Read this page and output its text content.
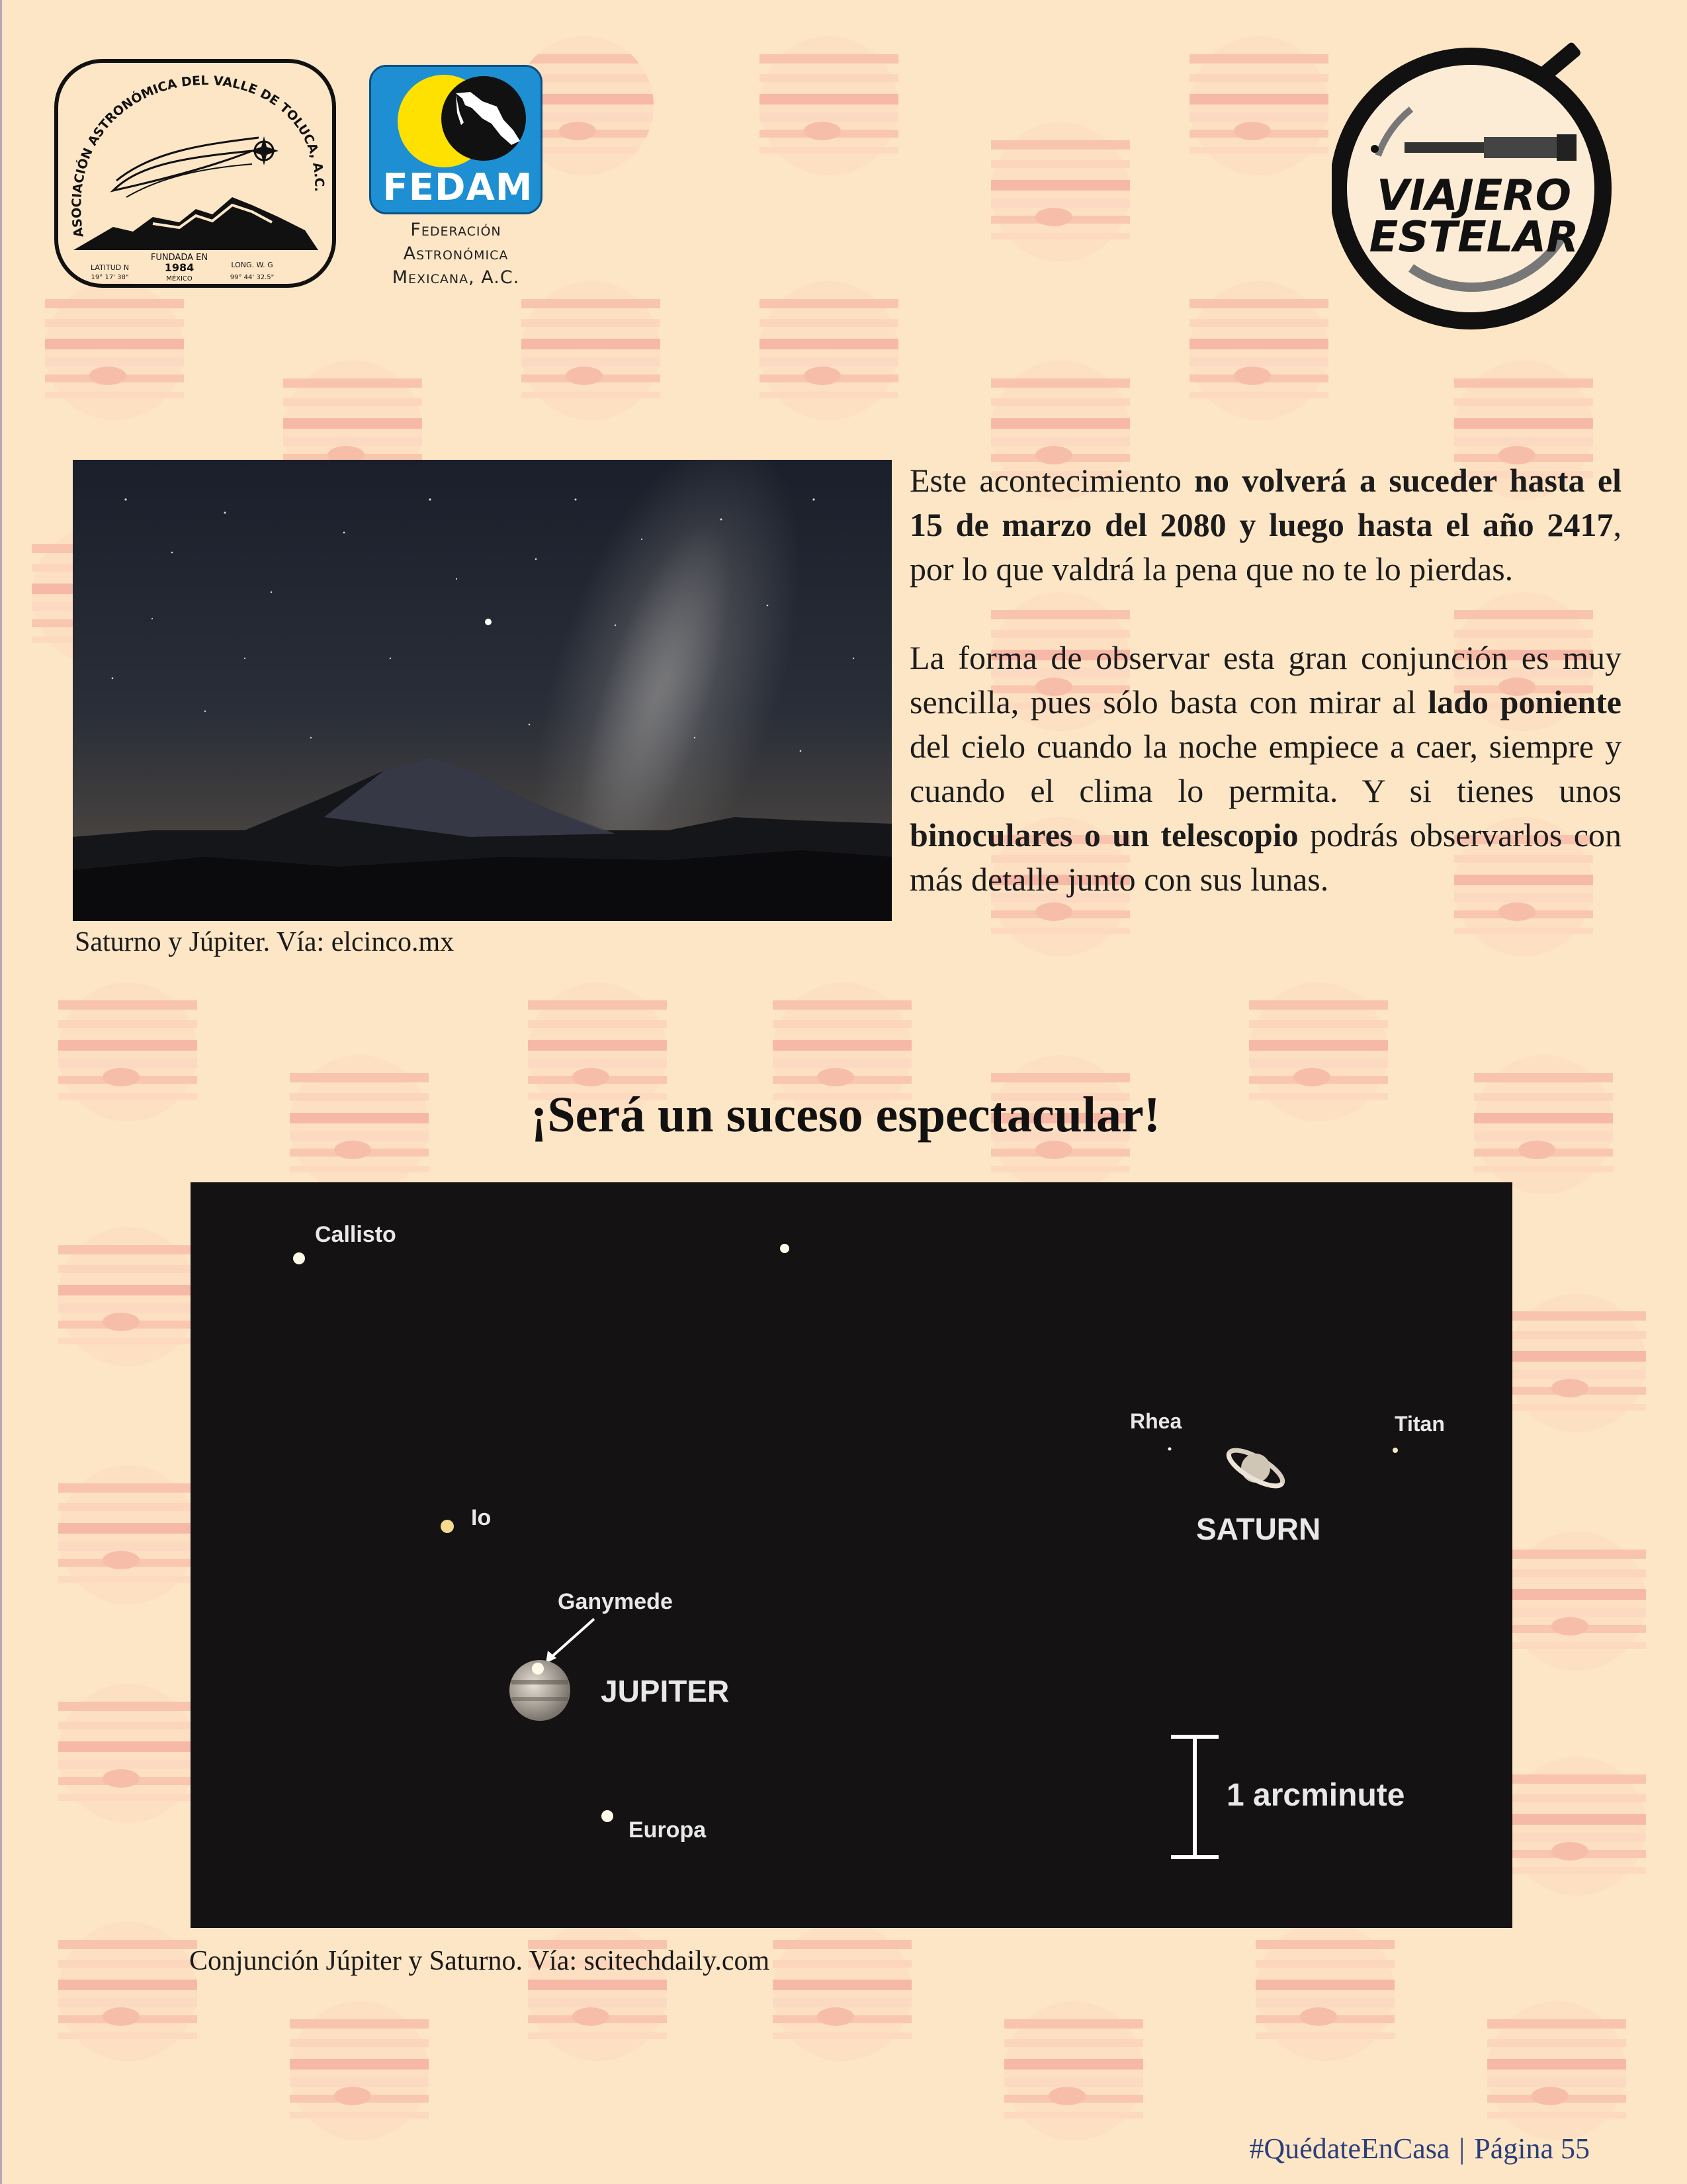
ASOCIACIÓN ASTRONÓMICA DEL VALLE DE TOLUCA, A.C.
FUNDADA EN
1984
MÉXICO
LATITUD N
19° 17' 38"
LONG. W. G
99° 44' 32.5"
FEDAM
Federación
Astronómica
Mexicana, A.C.
VIAJERO
ESTELAR
Saturno y Júpiter. Vía: elcinco.mx

Este acontecimiento no volverá a suceder hasta el 15 de marzo del 2080 y luego hasta el año 2417, por lo que valdrá la pena que no te lo pierdas.

La forma de observar esta gran conjunción es muy sencilla, pues sólo basta con mirar al lado poniente del cielo cuando la noche empiece a caer, siempre y cuando el clima lo permita. Y si tienes unos binoculares o un telescopio podrás observarlos con más detalle junto con sus lunas.

¡Será un suceso espectacular!
Callisto
Io
Ganymede
JUPITER
Europa
Rhea	Titan
SATURN
1 arcminute
Conjunción Júpiter y Saturno. Vía: scitechdaily.com
#QuédateEnCasa | Página 55
